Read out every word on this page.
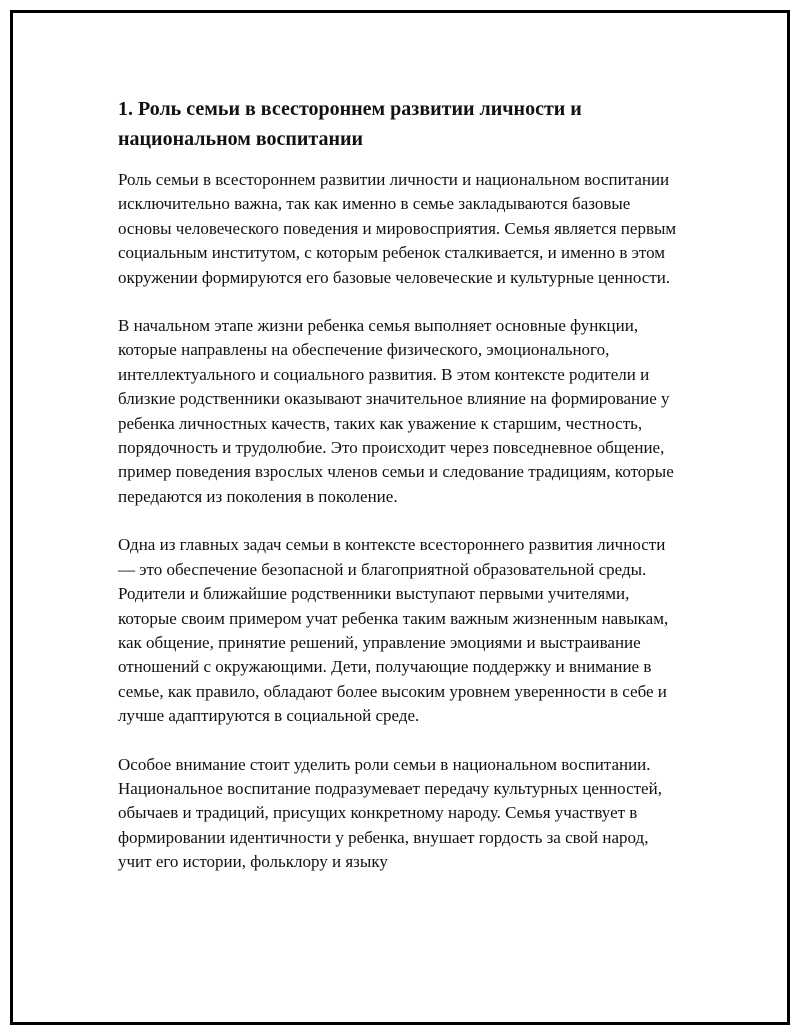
1. Роль семьи в всестороннем развитии личности и национальном воспитании

Роль семьи в всестороннем развитии личности и национальном воспитании исключительно важна, так как именно в семье закладываются базовые основы человеческого поведения и мировосприятия. Семья является первым социальным институтом, с которым ребенок сталкивается, и именно в этом окружении формируются его базовые человеческие и культурные ценности.

В начальном этапе жизни ребенка семья выполняет основные функции, которые направлены на обеспечение физического, эмоционального, интеллектуального и социального развития. В этом контексте родители и близкие родственники оказывают значительное влияние на формирование у ребенка личностных качеств, таких как уважение к старшим, честность, порядочность и трудолюбие. Это происходит через повседневное общение, пример поведения взрослых членов семьи и следование традициям, которые передаются из поколения в поколение.

Одна из главных задач семьи в контексте всестороннего развития личности — это обеспечение безопасной и благоприятной образовательной среды. Родители и ближайшие родственники выступают первыми учителями, которые своим примером учат ребенка таким важным жизненным навыкам, как общение, принятие решений, управление эмоциями и выстраивание отношений с окружающими. Дети, получающие поддержку и внимание в семье, как правило, обладают более высоким уровнем уверенности в себе и лучше адаптируются в социальной среде.

Особое внимание стоит уделить роли семьи в национальном воспитании. Национальное воспитание подразумевает передачу культурных ценностей, обычаев и традиций, присущих конкретному народу. Семья участвует в формировании идентичности у ребенка, внушает гордость за свой народ, учит его истории, фольклору и языку
